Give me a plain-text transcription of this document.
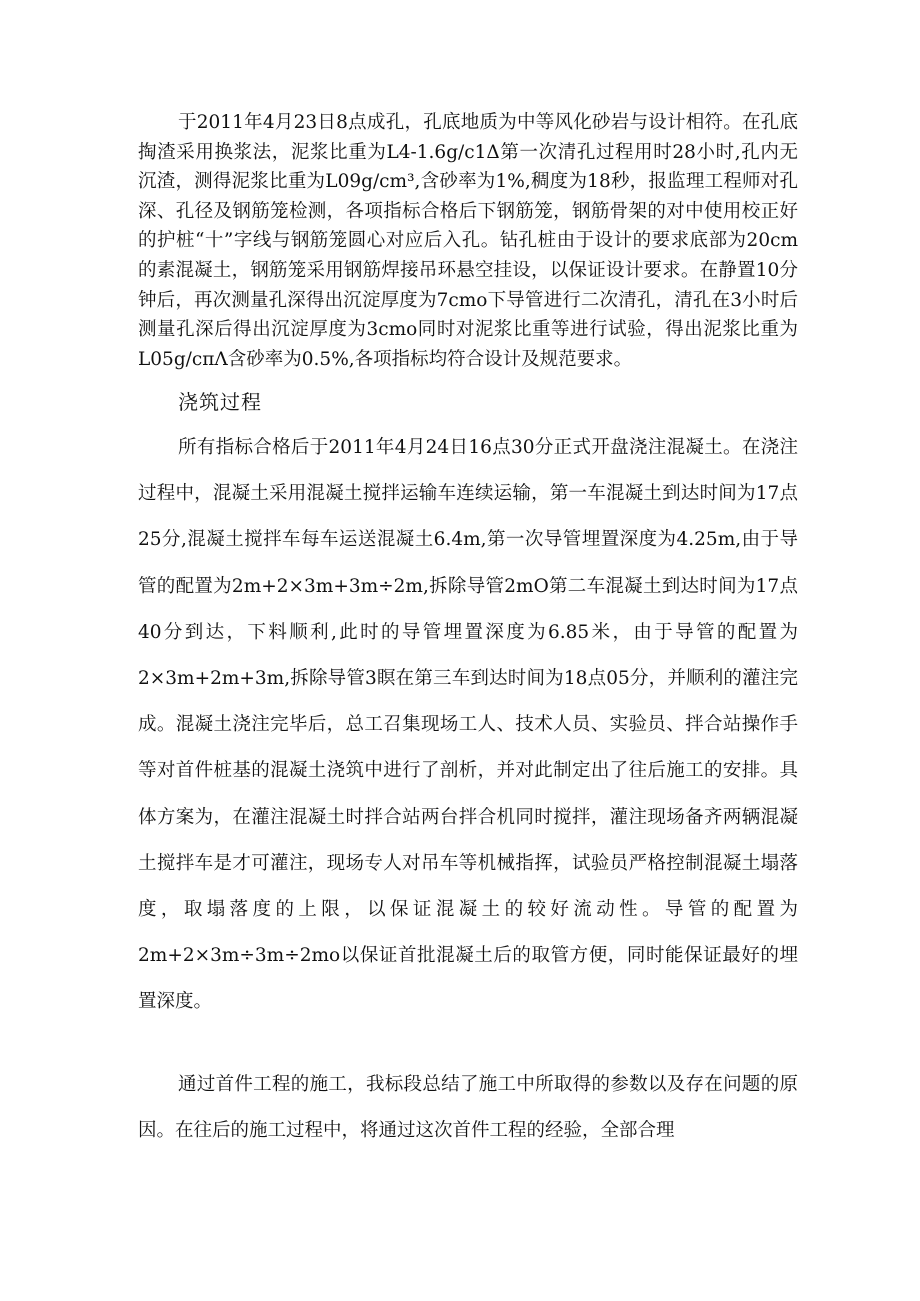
于2011年4月23日8点成孔，孔底地质为中等风化砂岩与设计相符。在孔底掏渣采用换浆法，泥浆比重为L4-1.6g∕c1Δ第一次清孔过程用时28小时,孔内无沉渣，测得泥浆比重为L09g∕cm³,含砂率为1%,稠度为18秒，报监理工程师对孔深、孔径及钢筋笼检测，各项指标合格后下钢筋笼，钢筋骨架的对中使用校正好的护桩“十”字线与钢筋笼圆心对应后入孔。钻孔桩由于设计的要求底部为20cm的素混凝土，钢筋笼采用钢筋焊接吊环悬空挂设，以保证设计要求。在静置10分钟后，再次测量孔深得出沉淀厚度为7cmo下导管进行二次清孔，清孔在3小时后测量孔深后得出沉淀厚度为3cmo同时对泥浆比重等进行试验，得出泥浆比重为L05g∕cπΛ含砂率为0.5%,各项指标均符合设计及规范要求。

浇筑过程

所有指标合格后于2011年4月24日16点30分正式开盘浇注混凝土。在浇注过程中，混凝土采用混凝土搅拌运输车连续运输，第一车混凝土到达时间为17点25分,混凝土搅拌车每车运送混凝土6.4m,第一次导管埋置深度为4.25m,由于导管的配置为2m+2×3m+3m÷2m,拆除导管2mO第二车混凝土到达时间为17点40分到达，下料顺利,此时的导管埋置深度为6.85米，由于导管的配置为2×3m+2m+3m,拆除导管3瞑在第三车到达时间为18点05分，并顺利的灌注完成。混凝土浇注完毕后，总工召集现场工人、技术人员、实验员、拌合站操作手等对首件桩基的混凝土浇筑中进行了剖析，并对此制定出了往后施工的安排。具体方案为，在灌注混凝土时拌合站两台拌合机同时搅拌，灌注现场备齐两辆混凝土搅拌车是才可灌注，现场专人对吊车等机械指挥，试验员严格控制混凝土塌落度，取塌落度的上限，以保证混凝土的较好流动性。导管的配置为2m+2×3m÷3m÷2mo以保证首批混凝土后的取管方便，同时能保证最好的埋置深度。

通过首件工程的施工，我标段总结了施工中所取得的参数以及存在问题的原因。在往后的施工过程中，将通过这次首件工程的经验，全部合理
